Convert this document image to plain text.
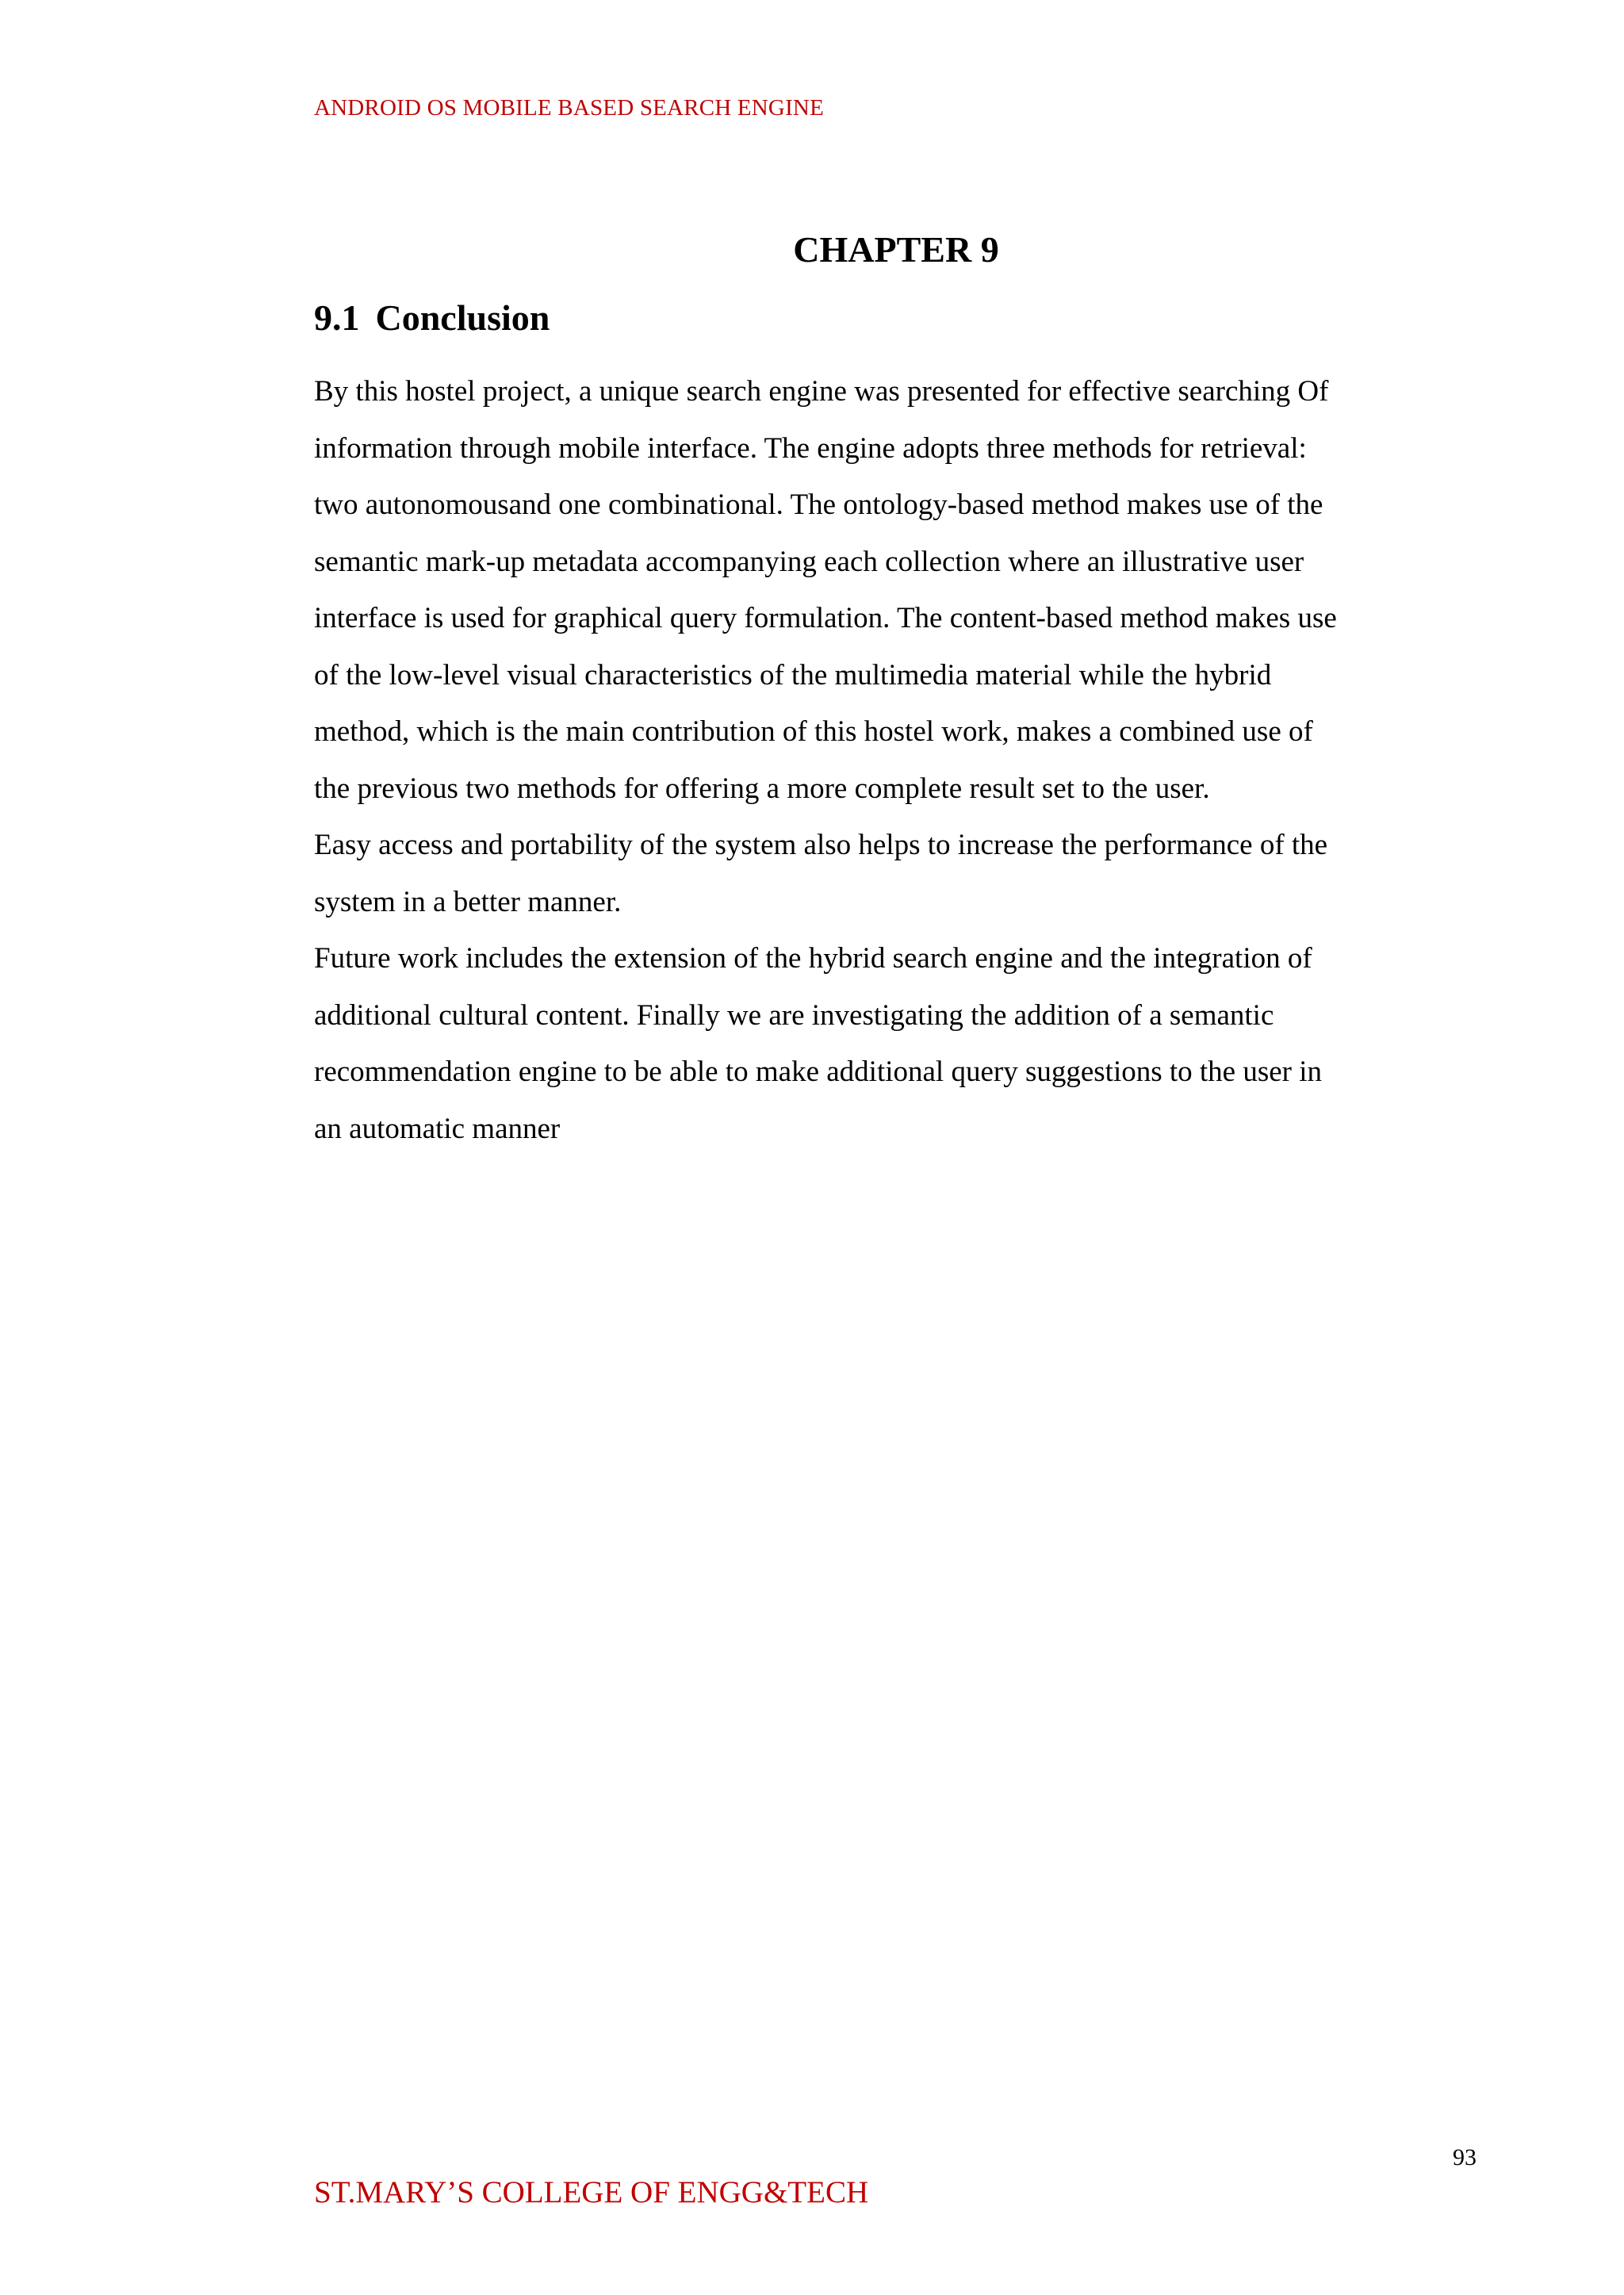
ANDROID OS MOBILE BASED SEARCH ENGINE
CHAPTER 9
9.1 Conclusion
By this hostel project, a unique search engine was presented for effective searching Of
information through mobile interface. The engine adopts three methods for retrieval:
two autonomousand one combinational. The ontology-based method makes use of the
semantic mark-up metadata accompanying each collection where an illustrative user
interface is used for graphical query formulation. The content-based method makes use
of the low-level visual characteristics of the multimedia material while the hybrid
method, which is the main contribution of this hostel work, makes a combined use of
the previous two methods for offering a more complete result set to the user.
Easy access and portability of the system also helps to increase the performance of the
system in a better manner.
Future work includes the extension of the hybrid search engine and the integration of
additional cultural content. Finally we are investigating the addition of a semantic
recommendation engine to be able to make additional query suggestions to the user in
an automatic manner
93
ST.MARY’S COLLEGE OF ENGG&TECH
